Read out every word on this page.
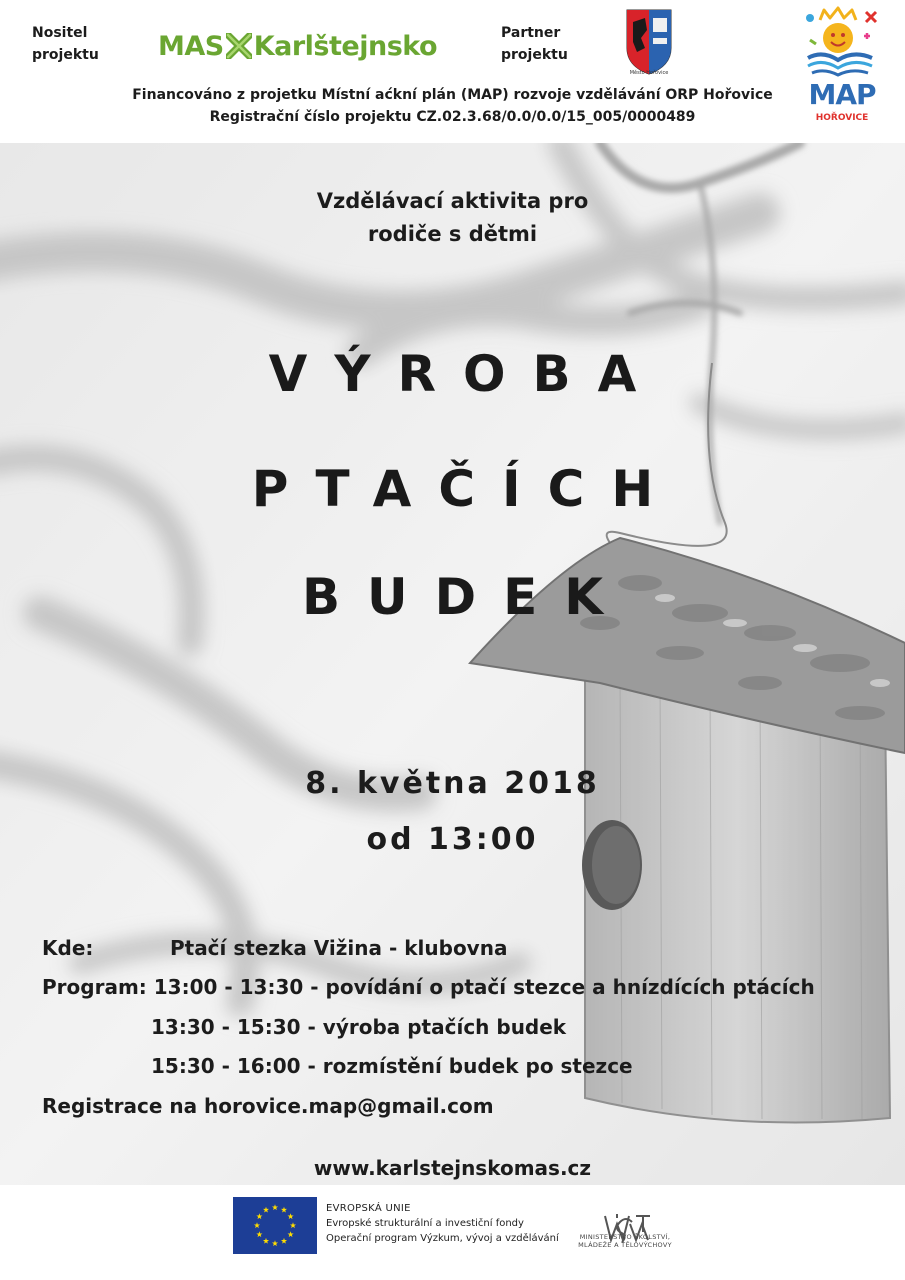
Nositel
projektu MAS Karlštejnsko	Partner
projektu
Město Hořovice
Financováno z projetku Místní aćkní plán (MAP) rozvoje vzdělávání ORP Hořovice
Registrační číslo projektu CZ.02.3.68/0.0/0.0/15_005/0000489
MAP
HOŘOVICE
Vzdělávací aktivita pro
rodiče s dětmi
VÝROBA
PTAČÍCH
BUDEK
8. května 2018
od 13:00
Kde:           Ptačí stezka Vižina - klubovna
Program: 13:00 - 13:30 - povídání o ptačí stezce a hnízdících ptácích
13:30 - 15:30 - výroba ptačích budek
15:30 - 16:00 - rozmístění budek po stezce
Registrace na horovice.map@gmail.com
www.karlstejnskomas.cz
EVROPSKÁ UNIE
Evropské strukturální a investiční fondy
Operační program Výzkum, vývoj a vzdělávání	MINISTERSTVO ŠKOLSTVÍ,
MLÁDEŽE A TĚLOVÝCHOVY
